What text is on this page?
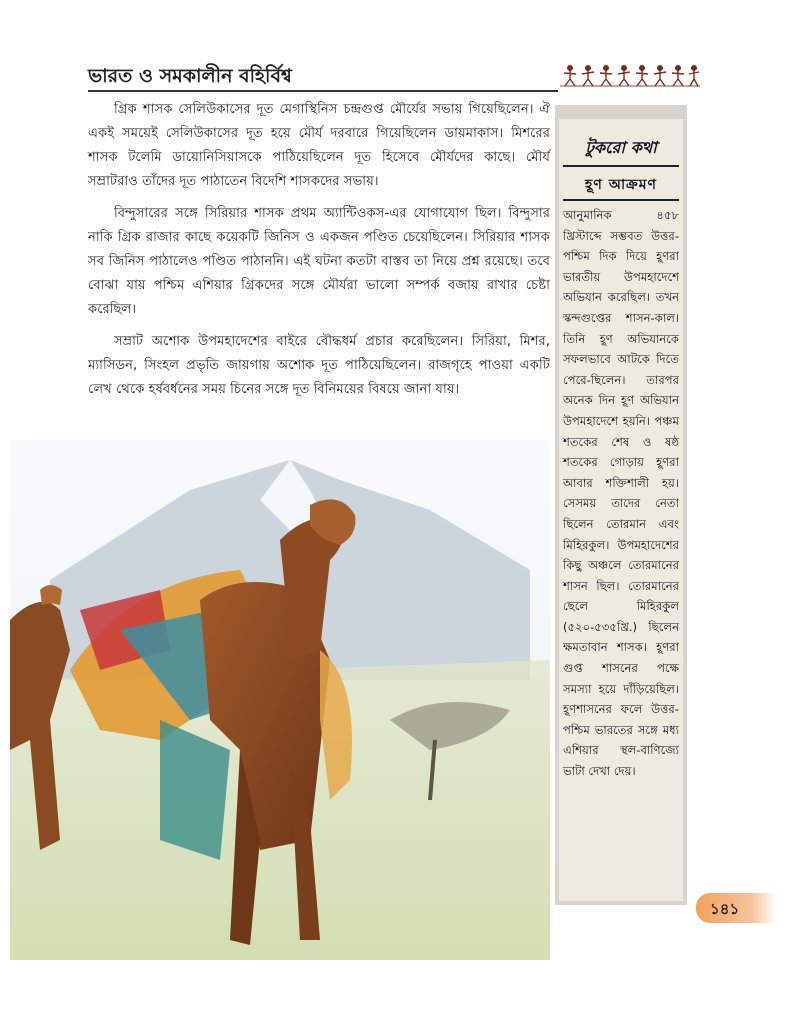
ভারত ও সমকালীন বহির্বিশ্ব

গ্রিক শাসক সেলিউকাসের দূত মেগাস্থিনিস চন্দ্রগুপ্ত মৌর্যের সভায় গিয়েছিলেন। ঐ একই সময়েই সেলিউকাসের দূত হয়ে মৌর্য দরবারে গিয়েছিলেন ডায়মাকাস। মিশরের শাসক টলেমি ডায়োনিসিয়াসকে পাঠিয়েছিলেন দূত হিসেবে মৌর্যদের কাছে। মৌর্য সম্রাটরাও তাঁদের দূত পাঠাতেন বিদেশি শাসকদের সভায়।

বিন্দুসারের সঙ্গে সিরিয়ার শাসক প্রথম অ্যান্টিওকস-এর যোগাযোগ ছিল। বিন্দুসার নাকি গ্রিক রাজার কাছে কয়েকটি জিনিস ও একজন পণ্ডিত চেয়েছিলেন। সিরিয়ার শাসক সব জিনিস পাঠালেও পণ্ডিত পাঠাননি। এই ঘটনা কতটা বাস্তব তা নিয়ে প্রশ্ন রয়েছে। তবে বোঝা যায় পশ্চিম এশিয়ার গ্রিকদের সঙ্গে মৌর্যরা ভালো সম্পর্ক বজায় রাখার চেষ্টা করেছিল।

সম্রাট অশোক উপমহাদেশের বাইরে বৌদ্ধধর্ম প্রচার করেছিলেন। সিরিয়া, মিশর, ম্যাসিডন, সিংহল প্রভৃতি জায়গায় অশোক দূত পাঠিয়েছিলেন। রাজগৃহে পাওয়া একটি লেখ থেকে হর্ষবর্ধনের সময় চিনের সঙ্গে দূত বিনিময়ের বিষয়ে জানা যায়।

টুকরো কথা
হূণ আক্রমণ
আনুমানিক ৪৫৮ খ্রিস্টাব্দে সম্ভবত উত্তর-পশ্চিম দিক দিয়ে হূণরা ভারতীয় উপমহাদেশে অভিযান করেছিল। তখন স্কন্দগুপ্তের শাসন-কাল। তিনি হূণ অভিযানকে সফলভাবে আটকে দিতে পেরে-ছিলেন। তারপর অনেক দিন হূণ অভিযান উপমহাদেশে হয়নি। পঞ্চম শতকের শেষ ও ষষ্ঠ শতকের গোড়ায় হূণরা আবার শক্তিশালী হয়। সেসময় তাদের নেতা ছিলেন তোরমান এবং মিহিরকুল। উপমহাদেশের কিছু অঞ্চলে তোরমানের শাসন ছিল। তোরমানের ছেলে মিহিরকুল (৫২০-৫৩৫খ্রি.) ছিলেন ক্ষমতাবান শাসক। হূণরা গুপ্ত শাসনের পক্ষে সমস্যা হয়ে দাঁড়িয়েছিল। হূণশাসনের ফলে উত্তর-পশ্চিম ভারতের সঙ্গে মধ্য এশিয়ার স্থল-বাণিজ্যে ভাটা দেখা দেয়।
১৪১
